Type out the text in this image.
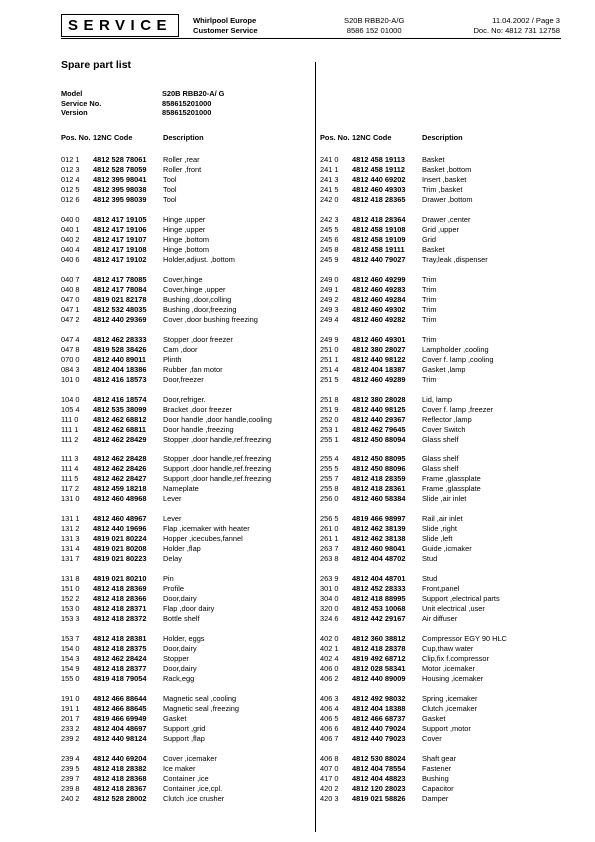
SERVICE	Whirlpool Europe
Customer Service
S20B RBB20-A/G
8586 152 01000
11.04.2002 / Page 3
Doc. No: 4812 731 12758
Spare part list
Model	S20B RBB20-A/ G
Service No.	858615201000
Version	858615201000
Pos. No. 12NC Code	Description
012 1 4812 528 78061 Roller ,rear
012 3 4812 528 78059 Roller ,front
012 4 4812 395 98041 Tool
012 5 4812 395 98038 Tool
012 6 4812 395 98039 Tool
040 0 4812 417 19105 Hinge ,upper
040 1 4812 417 19106 Hinge ,upper
040 2 4812 417 19107 Hinge ,bottom
040 4 4812 417 19108 Hinge ,bottom
040 6 4812 417 19102 Holder,adjust. ,bottom
040 7 4812 417 78085 Cover,hinge
040 8 4812 417 78084 Cover,hinge ,upper
047 0 4819 021 82178 Bushing ,door,colling
047 1 4812 532 48035 Bushing ,door,freezing
047 2 4812 440 29369 Cover ,door bushing freezing
047 4 4812 462 28333 Stopper ,door freezer
047 8 4819 528 38426 Cam ,door
070 0 4812 440 89011 Plinth
084 3 4812 404 18386 Rubber ,fan motor
101 0 4812 416 18573 Door,freezer
104 0 4812 416 18574 Door,refriger.
105 4 4812 535 38099 Bracket ,door freezer
111 0 4812 462 68812 Door handle ,door handle,cooling
111 1 4812 462 68811 Door handle ,freezing
111 2 4812 462 28429 Stopper ,door handle,ref.freezing
111 3 4812 462 28428 Stopper ,door handle,ref.freezing
111 4 4812 462 28426 Support ,door handle,ref.freezing
111 5 4812 462 28427 Support ,door handle,ref.freezing
117 2 4812 459 18218 Nameplate
131 0 4812 460 48968 Lever
131 1 4812 460 48967 Lever
131 2 4812 440 19696 Flap ,icemaker with heater
131 3 4819 021 80224 Hopper ,icecubes,fannel
131 4 4819 021 80208 Holder ,flap
131 7 4819 021 80223 Delay
131 8 4819 021 80210 Pin
151 0 4812 418 28369 Profile
152 2 4812 418 28366 Door,dairy
153 0 4812 418 28371 Flap ,door dairy
153 3 4812 418 28372 Bottle shelf
153 7 4812 418 28381 Holder, eggs
154 0 4812 418 28375 Door,dairy
154 3 4812 462 28424 Stopper
154 9 4812 418 28377 Door,dairy
155 0 4819 418 79054 Rack,egg
191 0 4812 466 88644 Magnetic seal ,cooling
191 1 4812 466 88645 Magnetic seal ,freezing
201 7 4819 466 69949 Gasket
233 2 4812 404 48697 Support ,grid
239 2 4812 440 98124 Support ,flap
239 4 4812 440 69204 Cover ,icemaker
239 5 4812 418 28382 Ice maker
239 7 4812 418 28368 Container ,ice
239 8 4812 418 28367 Container ,ice,cpl.
240 2 4812 528 28002 Clutch ,ice crusher
Pos. No. 12NC Code	Description
241 0 4812 458 19113 Basket
241 1 4812 458 19112 Basket ,bottom
241 3 4812 440 69202 Insert ,basket
241 5 4812 460 49303 Trim ,basket
242 0 4812 418 28365 Drawer ,bottom
242 3 4812 418 28364 Drawer ,center
245 5 4812 458 19108 Grid ,upper
245 6 4812 458 19109 Grid
245 8 4812 458 19111 Basket
245 9 4812 440 79027 Tray,leak ,dispenser
249 0 4812 460 49299 Trim
249 1 4812 460 49283 Trim
249 2 4812 460 49284 Trim
249 3 4812 460 49302 Trim
249 4 4812 460 49282 Trim
249 9 4812 460 49301 Trim
251 0 4812 380 28027 Lampholder ,cooling
251 1 4812 440 98122 Cover f. lamp ,cooling
251 4 4812 404 18387 Gasket ,lamp
251 5 4812 460 49289 Trim
251 8 4812 380 28028 Lid, lamp
251 9 4812 440 98125 Cover f. lamp ,freezer
252 0 4812 440 29367 Reflector ,lamp
253 1 4812 462 79645 Cover Switch
255 1 4812 450 88094 Glass shelf
255 4 4812 450 88095 Glass shelf
255 5 4812 450 88096 Glass shelf
255 7 4812 418 28359 Frame ,glassplate
255 8 4812 418 28361 Frame ,glassplate
256 0 4812 460 58384 Slide ,air inlet
256 5 4819 466 98997 Rail ,air inlet
261 0 4812 462 38139 Slide ,right
261 1 4812 462 38138 Slide ,left
263 7 4812 460 98041 Guide ,icmaker
263 8 4812 404 48702 Stud
263 9 4812 404 48701 Stud
301 0 4812 452 28333 Front,panel
304 0 4812 418 88995 Support ,electrical parts
320 0 4812 453 10068 Unit electrical ,user
324 6 4812 442 29167 Air diffuser
402 0 4812 360 38812 Compressor EGY 90 HLC
402 1 4812 418 28378 Cup,thaw water
402 4 4819 492 68712 Clip,fix f.compressor
406 0 4812 028 58341 Motor ,icemaker
406 2 4812 440 89009 Housing ,icemaker
406 3 4812 492 98032 Spring ,icemaker
406 4 4812 404 18388 Clutch ,icemaker
406 5 4812 466 68737 Gasket
406 6 4812 440 79024 Support ,motor
406 7 4812 440 79023 Cover
406 8 4812 530 88024 Shaft gear
407 0 4812 404 78554 Fastener
417 0 4812 404 48823 Bushing
420 2 4812 120 28023 Capacitor
420 3 4819 021 58826 Damper
